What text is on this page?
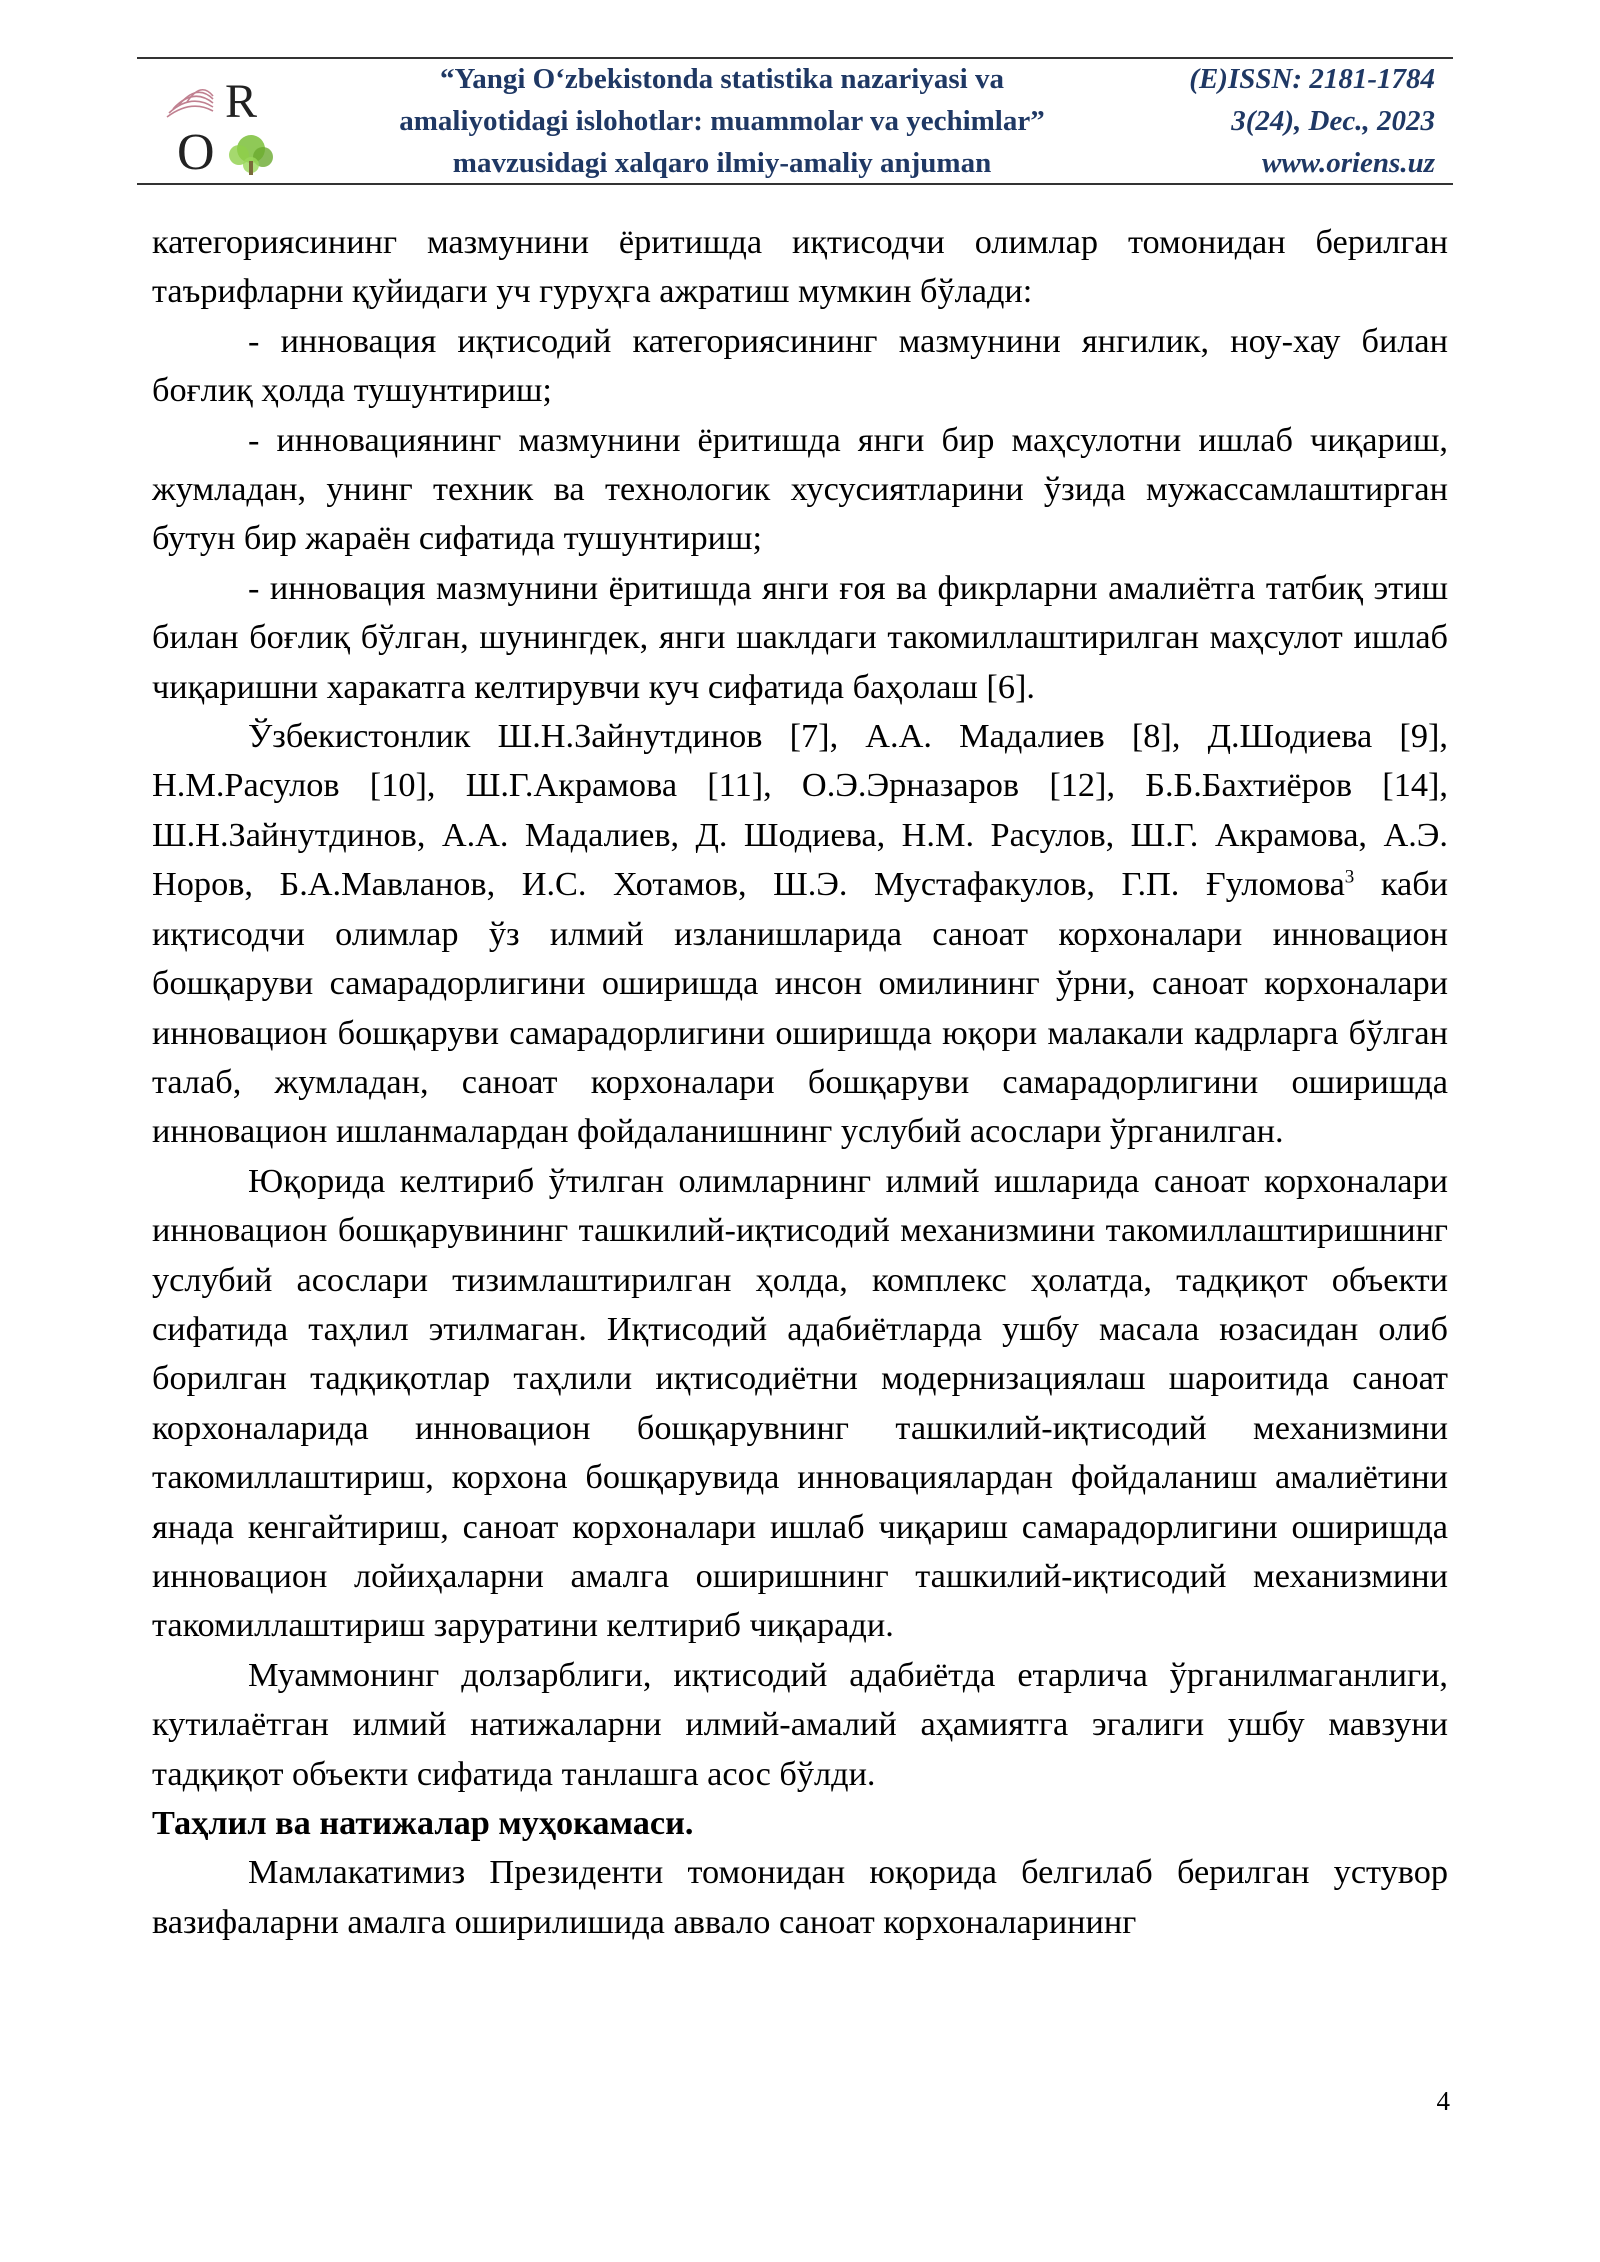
O
R	“Yangi O‘zbekistonda statistika nazariyasi va
amaliyotidagi islohotlar: muammolar va yechimlar”
mavzusidagi xalqaro ilmiy-amaliy anjuman
(E)ISSN: 2181-1784
3(24), Dec., 2023
www.oriens.uz

категориясининг мазмунини ёритишда иқтисодчи олимлар томонидан берилган таърифларни қуйидаги уч гуруҳга ажратиш мумкин бўлади:

- инновация иқтисодий категориясининг мазмунини янгилик, ноу-хау билан боғлиқ ҳолда тушунтириш;

- инновациянинг мазмунини ёритишда янги бир маҳсулотни ишлаб чиқариш, жумладан, унинг техник ва технологик хусусиятларини ўзида мужассамлаштирган бутун бир жараён сифатида тушунтириш;

- инновация мазмунини ёритишда янги ғоя ва фикрларни амалиётга татбиқ этиш билан боғлиқ бўлган, шунингдек, янги шаклдаги такомиллаштирилган маҳсулот ишлаб чиқаришни харакатга келтирувчи куч сифатида баҳолаш [6].

Ўзбекистонлик Ш.Н.Зайнутдинов [7], А.А. Мадалиев [8], Д.Шодиева [9], Н.М.Расулов [10], Ш.Г.Акрамова [11], О.Э.Эрназаров [12], Б.Б.Бахтиёров [14], Ш.Н.Зайнутдинов, А.А. Мадалиев, Д. Шодиева, Н.М. Расулов, Ш.Г. Акрамова, А.Э. Норов, Б.А.Мавланов, И.С. Хотамов, Ш.Э. Мустафакулов, Г.П. Ғуломова$^3$ каби иқтисодчи олимлар ўз илмий изланишларида саноат корхоналари инновацион бошқаруви самарадорлигини оширишда инсон омилининг ўрни, саноат корхоналари инновацион бошқаруви самарадорлигини оширишда юқори малакали кадрларга бўлган талаб, жумладан, саноат корхоналари бошқаруви самарадорлигини оширишда инновацион ишланмалардан фойдаланишнинг услубий асослари ўрганилган.

Юқорида келтириб ўтилган олимларнинг илмий ишларида саноат корхоналари инновацион бошқарувининг ташкилий-иқтисодий механизмини такомиллаштиришнинг услубий асослари тизимлаштирилган ҳолда, комплекс ҳолатда, тадқиқот объекти сифатида таҳлил этилмаган. Иқтисодий адабиётларда ушбу масала юзасидан олиб борилган тадқиқотлар таҳлили иқтисодиётни модернизациялаш шароитида саноат корхоналарида инновацион бошқарувнинг ташкилий-иқтисодий механизмини такомиллаштириш, корхона бошқарувида инновациялардан фойдаланиш амалиётини янада кенгайтириш, саноат корхоналари ишлаб чиқариш самарадорлигини оширишда инновацион лойиҳаларни амалга оширишнинг ташкилий-иқтисодий механизмини такомиллаштириш заруратини келтириб чиқаради.

Муаммонинг долзарблиги, иқтисодий адабиётда етарлича ўрганилмаганлиги, кутилаётган илмий натижаларни илмий-амалий аҳамиятга эгалиги ушбу мавзуни тадқиқот объекти сифатида танлашга асос бўлди.

Таҳлил ва натижалар муҳокамаси.

Мамлакатимиз Президенти томонидан юқорида белгилаб берилган устувор вазифаларни амалга оширилишида аввало саноат корхоналарининг

4
